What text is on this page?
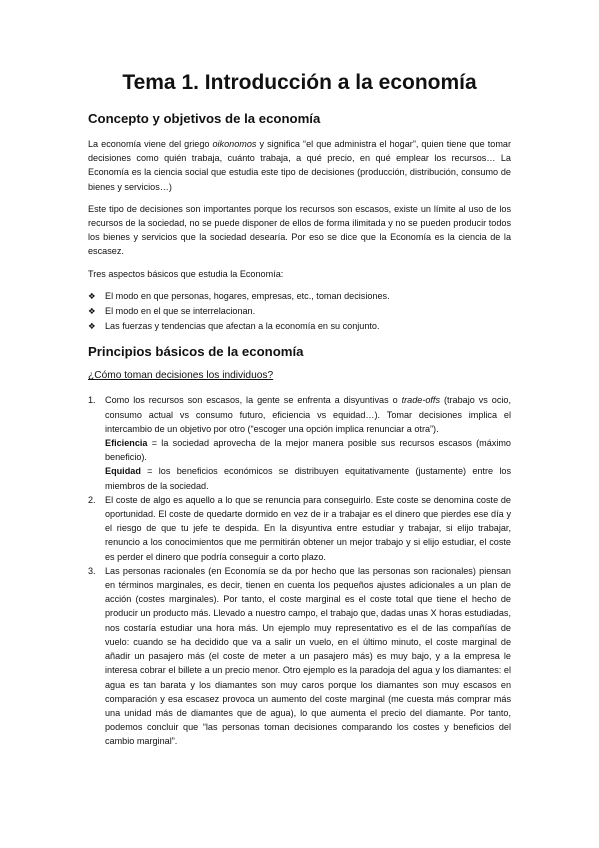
Tema 1. Introducción a la economía
Concepto y objetivos de la economía

La economía viene del griego oikonomos y significa “el que administra el hogar”, quien tiene que tomar decisiones como quién trabaja, cuánto trabaja, a qué precio, en qué emplear los recursos… La Economía es la ciencia social que estudia este tipo de decisiones (producción, distribución, consumo de bienes y servicios…)

Este tipo de decisiones son importantes porque los recursos son escasos, existe un límite al uso de los recursos de la sociedad, no se puede disponer de ellos de forma ilimitada y no se pueden producir todos los bienes y servicios que la sociedad desearía. Por eso se dice que la Economía es la ciencia de la escasez.

Tres aspectos básicos que estudia la Economía:

❖ El modo en que personas, hogares, empresas, etc., toman decisiones.
❖ El modo en el que se interrelacionan.
❖ Las fuerzas y tendencias que afectan a la economía en su conjunto.
Principios básicos de la economía
¿Cómo toman decisiones los individuos?
1. Como los recursos son escasos, la gente se enfrenta a disyuntivas o trade-offs (trabajo vs ocio, consumo actual vs consumo futuro, eficiencia vs equidad…). Tomar decisiones implica el intercambio de un objetivo por otro (“escoger una opción implica renunciar a otra”).
Eficiencia = la sociedad aprovecha de la mejor manera posible sus recursos escasos (máximo beneficio).
Equidad = los beneficios económicos se distribuyen equitativamente (justamente) entre los miembros de la sociedad.
2. El coste de algo es aquello a lo que se renuncia para conseguirlo. Este coste se denomina coste de oportunidad. El coste de quedarte dormido en vez de ir a trabajar es el dinero que pierdes ese día y el riesgo de que tu jefe te despida. En la disyuntiva entre estudiar y trabajar, si elijo trabajar, renuncio a los conocimientos que me permitirán obtener un mejor trabajo y si elijo estudiar, el coste es perder el dinero que podría conseguir a corto plazo.
3. Las personas racionales (en Economía se da por hecho que las personas son racionales) piensan en términos marginales, es decir, tienen en cuenta los pequeños ajustes adicionales a un plan de acción (costes marginales). Por tanto, el coste marginal es el coste total que tiene el hecho de producir un producto más. Llevado a nuestro campo, el trabajo que, dadas unas X horas estudiadas, nos costaría estudiar una hora más. Un ejemplo muy representativo es el de las compañías de vuelo: cuando se ha decidido que va a salir un vuelo, en el último minuto, el coste marginal de añadir un pasajero más (el coste de meter a un pasajero más) es muy bajo, y a la empresa le interesa cobrar el billete a un precio menor. Otro ejemplo es la paradoja del agua y los diamantes: el agua es tan barata y los diamantes son muy caros porque los diamantes son muy escasos en comparación y esa escasez provoca un aumento del coste marginal (me cuesta más comprar más una unidad más de diamantes que de agua), lo que aumenta el precio del diamante. Por tanto, podemos concluir que “las personas toman decisiones comparando los costes y beneficios del cambio marginal”.
